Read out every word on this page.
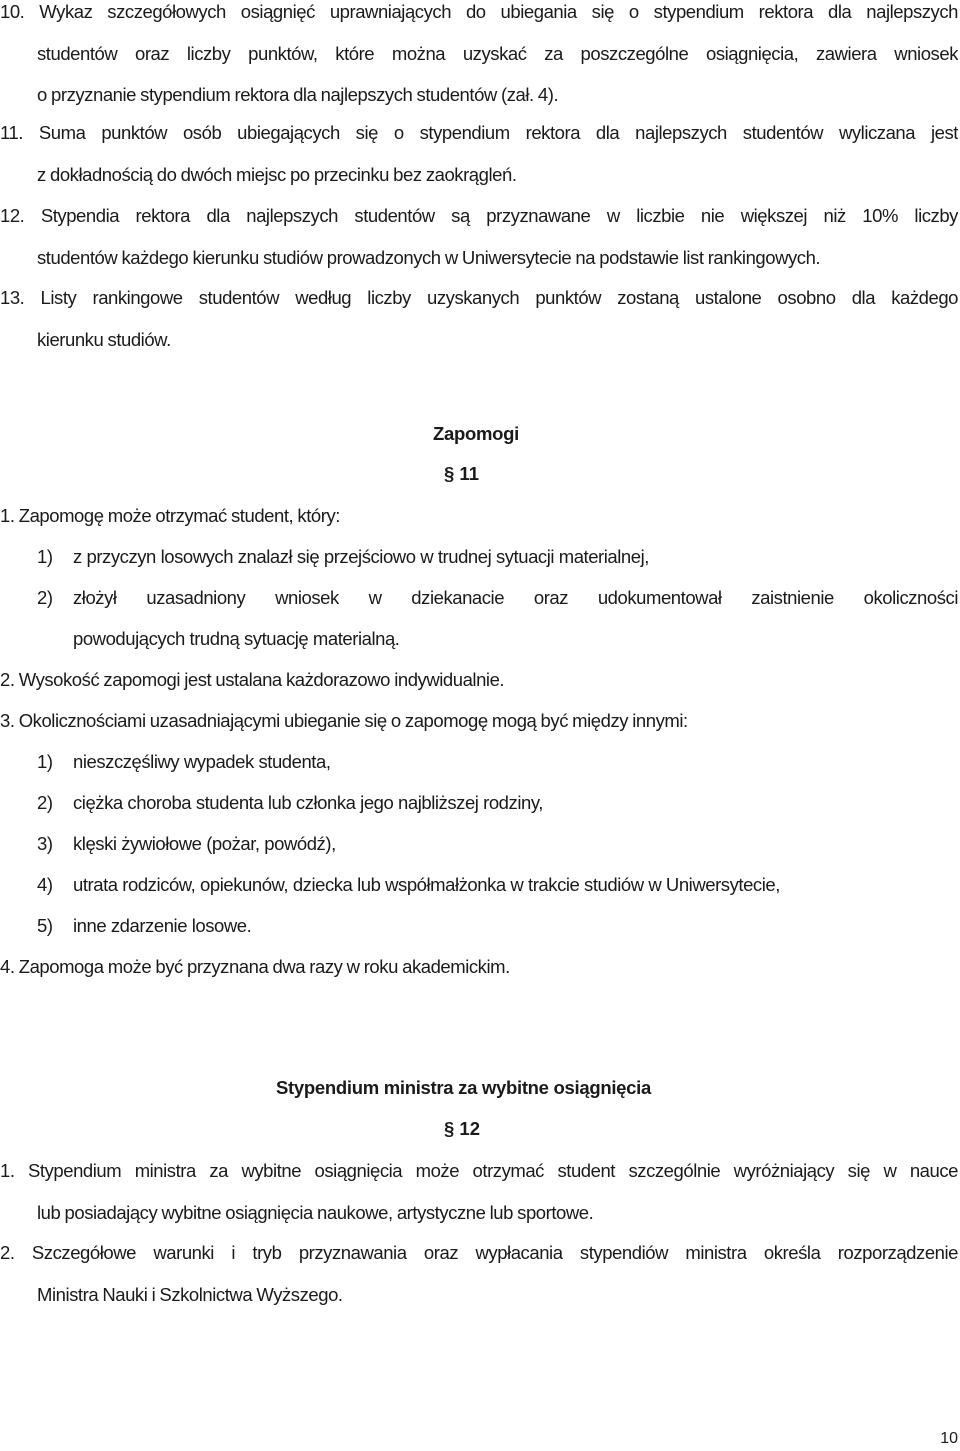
10. Wykaz szczegółowych osiągnięć uprawniających do ubiegania się o stypendium rektora dla najlepszych
studentów oraz liczby punktów, które można uzyskać za poszczególne osiągnięcia, zawiera wniosek
o przyznanie stypendium rektora dla najlepszych studentów (zał. 4).
11. Suma punktów osób ubiegających się o stypendium rektora dla najlepszych studentów wyliczana jest
z dokładnością do dwóch miejsc po przecinku bez zaokrągleń.
12. Stypendia rektora dla najlepszych studentów są przyznawane w liczbie nie większej niż 10% liczby
studentów każdego kierunku studiów prowadzonych w Uniwersytecie na podstawie list rankingowych.
13. Listy rankingowe studentów według liczby uzyskanych punktów zostaną ustalone osobno dla każdego
kierunku studiów.
Zapomogi
§ 11
1. Zapomogę może otrzymać student, który:
1) z przyczyn losowych znalazł się przejściowo w trudnej sytuacji materialnej,
2) złożył uzasadniony wniosek w dziekanacie oraz udokumentował zaistnienie okoliczności
powodujących trudną sytuację materialną.
2. Wysokość zapomogi jest ustalana każdorazowo indywidualnie.
3. Okolicznościami uzasadniającymi ubieganie się o zapomogę mogą być między innymi:
1) nieszczęśliwy wypadek studenta,
2) ciężka choroba studenta lub członka jego najbliższej rodziny,
3) klęski żywiołowe (pożar, powódź),
4) utrata rodziców, opiekunów, dziecka lub współmałżonka w trakcie studiów w Uniwersytecie,
5) inne zdarzenie losowe.
4. Zapomoga może być przyznana dwa razy w roku akademickim.
Stypendium ministra za wybitne osiągnięcia
§ 12
1. Stypendium ministra za wybitne osiągnięcia może otrzymać student szczególnie wyróżniający się w nauce
lub posiadający wybitne osiągnięcia naukowe, artystyczne lub sportowe.
2. Szczegółowe warunki i tryb przyznawania oraz wypłacania stypendiów ministra określa rozporządzenie
Ministra Nauki i Szkolnictwa Wyższego.
10
